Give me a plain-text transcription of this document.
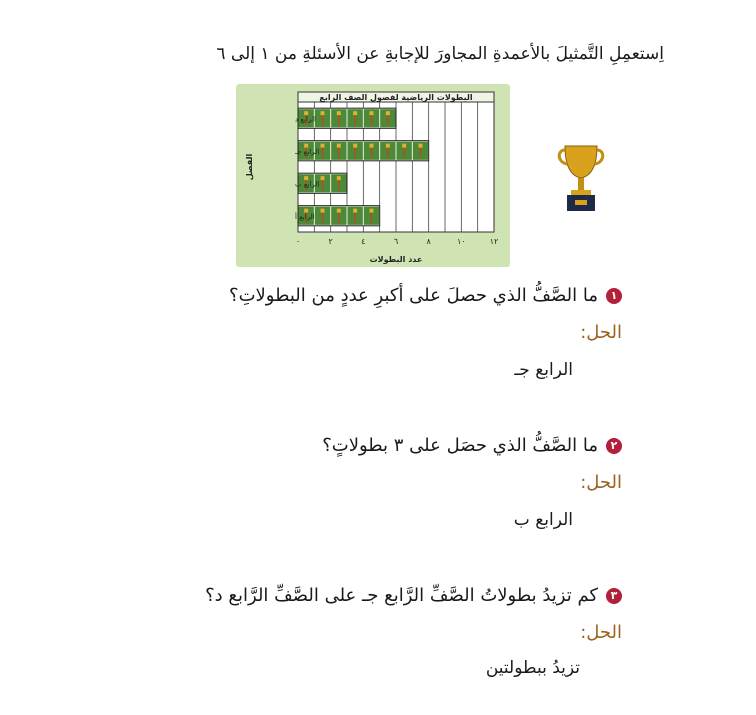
اِستعمِلِ التَّمثيلَ بالأعمدةِ المجاورَ للإجابةِ عن الأسئلةِ من ١ إلى ٦
البطولات الرياضية لفصول الصف الرابع
٠	٢	٤	٦	٨	١٠	١٢
عدد البطولات
الفصل
الرابع أ
الرابع ب
الرابع جـ
الرابع د
١
ما الصَّفُّ الذي حصلَ على أكبرِ عددٍ من البطولاتِ؟
الحل:
الرابع جـ
٢
ما الصَّفُّ الذي حصَل على ٣ بطولاتٍ؟
الحل:
الرابع ب
٣
كم تزيدُ بطولاتُ الصَّفِّ الرَّابع جـ على الصَّفِّ الرَّابع د؟
الحل:
تزيدُ ببطولتين
